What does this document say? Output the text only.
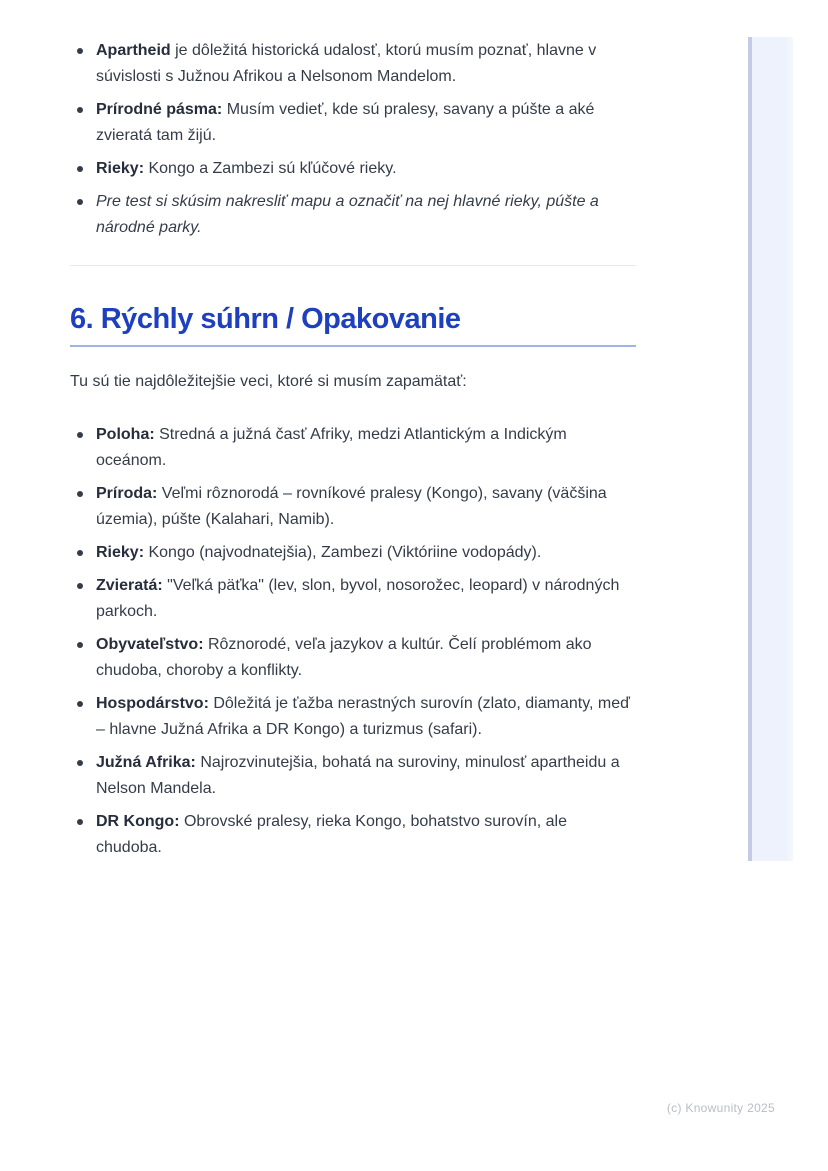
Apartheid je dôležitá historická udalosť, ktorú musím poznať, hlavne v súvislosti s Južnou Afrikou a Nelsonom Mandelom.
Prírodné pásma: Musím vedieť, kde sú pralesy, savany a púšte a aké zvieratá tam žijú.
Rieky: Kongo a Zambezi sú kľúčové rieky.
Pre test si skúsim nakresliť mapu a označiť na nej hlavné rieky, púšte a národné parky.
6. Rýchly súhrn / Opakovanie

Tu sú tie najdôležitejšie veci, ktoré si musím zapamätať:

Poloha: Stredná a južná časť Afriky, medzi Atlantickým a Indickým oceánom.
Príroda: Veľmi rôznorodá – rovníkové pralesy (Kongo), savany (väčšina územia), púšte (Kalahari, Namib).
Rieky: Kongo (najvodnatejšia), Zambezi (Viktóriine vodopády).
Zvieratá: "Veľká päťka" (lev, slon, byvol, nosorožec, leopard) v národných parkoch.
Obyvateľstvo: Rôznorodé, veľa jazykov a kultúr. Čelí problémom ako chudoba, choroby a konflikty.
Hospodárstvo: Dôležitá je ťažba nerastných surovín (zlato, diamanty, meď – hlavne Južná Afrika a DR Kongo) a turizmus (safari).
Južná Afrika: Najrozvinutejšia, bohatá na suroviny, minulosť apartheidu a Nelson Mandela.
DR Kongo: Obrovské pralesy, rieka Kongo, bohatstvo surovín, ale chudoba.
(c) Knowunity 2025
